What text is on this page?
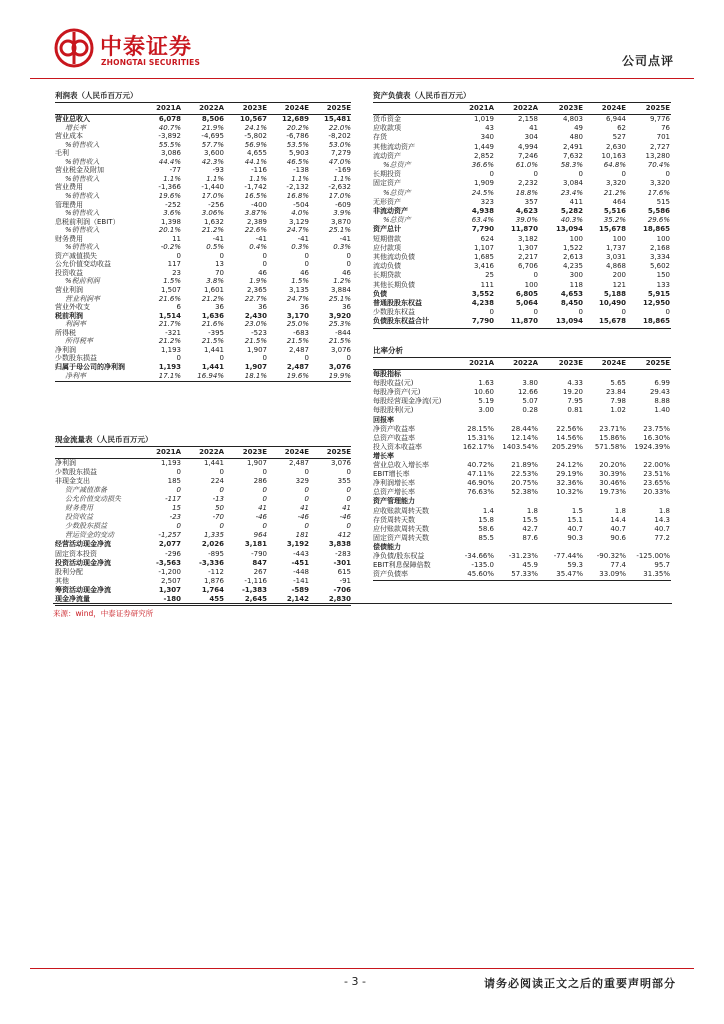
中泰证券
ZHONGTAI SECURITIES	公司点评
利润表（人民币百万元）
2021A	2022A	2023E	2024E	2025E
营业总收入	6,078	8,506	10,567	12,689	15,481
增长率	40.7%	21.9%	24.1%	20.2%	22.0%
营业成本	-3,892	-4,695	-5,802	-6,786	-8,202
%销售收入	55.5%	57.7%	56.9%	53.5%	53.0%
毛利	3,086	3,600	4,655	5,903	7,279
%销售收入	44.4%	42.3%	44.1%	46.5%	47.0%
营业税金及附加	-77	-93	-116	-138	-169
%销售收入	1.1%	1.1%	1.1%	1.1%	1.1%
营业费用	-1,366	-1,440	-1,742	-2,132	-2,632
%销售收入	19.6%	17.0%	16.5%	16.8%	17.0%
管理费用	-252	-256	-400	-504	-609
%销售收入	3.6%	3.06%	3.87%	4.0%	3.9%
息税前利润（EBIT）	1,398	1,632	2,389	3,129	3,870
%销售收入	20.1%	21.2%	22.6%	24.7%	25.1%
财务费用	11	-41	-41	-41	-41
%销售收入	-0.2%	0.5%	0.4%	0.3%	0.3%
资产减值损失	0	0	0	0	0
公允价值变动收益	117	13	0	0	0
投资收益	23	70	46	46	46
%税前利润	1.5%	3.8%	1.9%	1.5%	1.2%
营业利润	1,507	1,601	2,365	3,135	3,884
营业利润率	21.6%	21.2%	22.7%	24.7%	25.1%
营业外收支	6	36	36	36	36
税前利润	1,514	1,636	2,430	3,170	3,920
利润率	21.7%	21.6%	23.0%	25.0%	25.3%
所得税	-321	-395	-523	-683	-844
所得税率	21.2%	21.5%	21.5%	21.5%	21.5%
净利润	1,193	1,441	1,907	2,487	3,076
少数股东损益	0	0	0	0	0
归属于母公司的净利润	1,193	1,441	1,907	2,487	3,076
净利率	17.1%	16.94%	18.1%	19.6%	19.9%
资产负债表（人民币百万元）
2021A	2022A	2023E	2024E	2025E
货币资金	1,019	2,158	4,803	6,944	9,776
应收款项	43	41	49	62	76
存货	340	304	480	527	701
其他流动资产	1,449	4,994	2,491	2,630	2,727
流动资产	2,852	7,246	7,632	10,163	13,280
%总资产	36.6%	61.0%	58.3%	64.8%	70.4%
长期投资	0	0	0	0	0
固定资产	1,909	2,232	3,084	3,320	3,320
%总资产	24.5%	18.8%	23.4%	21.2%	17.6%
无形资产	323	357	411	464	515
非流动资产	4,938	4,623	5,282	5,516	5,586
%总资产	63.4%	39.0%	40.3%	35.2%	29.6%
资产总计	7,790	11,870	13,094	15,678	18,865
短期借款	624	3,182	100	100	100
应付款项	1,107	1,307	1,522	1,737	2,168
其他流动负债	1,685	2,217	2,613	3,031	3,334
流动负债	3,416	6,706	4,235	4,868	5,602
长期贷款	25	0	300	200	150
其他长期负债	111	100	118	121	133
负债	3,552	6,805	4,653	5,188	5,915
普通股股东权益	4,238	5,064	8,450	10,490	12,950
少数股东权益	0	0	0	0	0
负债股东权益合计	7,790	11,870	13,094	15,678	18,865
比率分析
2021A	2022A	2023E	2024E	2025E
每股指标
每股收益(元)	1.63	3.80	4.33	5.65	6.99
每股净资产(元)	10.60	12.66	19.20	23.84	29.43
每股经营现金净流(元)	5.19	5.07	7.95	7.98	8.88
每股股利(元)	3.00	0.28	0.81	1.02	1.40
回报率
净资产收益率	28.15%	28.44%	22.56%	23.71%	23.75%
总资产收益率	15.31%	12.14%	14.56%	15.86%	16.30%
投入资本收益率	162.17%	1403.54%	205.29%	571.58%	1924.39%
增长率
营业总收入增长率	40.72%	21.89%	24.12%	20.20%	22.00%
EBIT增长率	47.11%	22.53%	29.19%	30.39%	23.51%
净利润增长率	46.90%	20.75%	32.36%	30.46%	23.65%
总资产增长率	76.63%	52.38%	10.32%	19.73%	20.33%
资产管理能力
应收账款周转天数	1.4	1.8	1.5	1.8	1.8
存货周转天数	15.8	15.5	15.1	14.4	14.3
应付账款周转天数	58.6	42.7	40.7	40.7	40.7
固定资产周转天数	85.5	87.6	90.3	90.6	77.2
偿债能力
净负债/股东权益	-34.66%	-31.23%	-77.44%	-90.32%	-125.00%
EBIT利息保障倍数	-135.0	45.9	59.3	77.4	95.7
资产负债率	45.60%	57.33%	35.47%	33.09%	31.35%
现金流量表（人民币百万元）
2021A	2022A	2023E	2024E	2025E
净利润	1,193	1,441	1,907	2,487	3,076
少数股东损益	0	0	0	0	0
非现金支出	185	224	286	329	355
资产减值准备	0	0	0	0	0
公允价值变动损失	-117	-13	0	0	0
财务费用	15	50	41	41	41
投资收益	-23	-70	-46	-46	-46
少数股东损益	0	0	0	0	0
营运资金的变动	-1,257	1,335	964	181	412
经营活动现金净流	2,077	2,026	3,181	3,192	3,838
固定资本投资	-296	-895	-790	-443	-283
投资活动现金净流	-3,563	-3,336	847	-451	-301
股利分配	-1,200	-112	267	-448	615
其他	2,507	1,876	-1,116	-141	-91
筹资活动现金净流	1,307	1,764	-1,383	-589	-706
现金净流量	-180	455	2,645	2,142	2,830
来源：wind，中泰证券研究所
- 3 -	请务必阅读正文之后的重要声明部分
